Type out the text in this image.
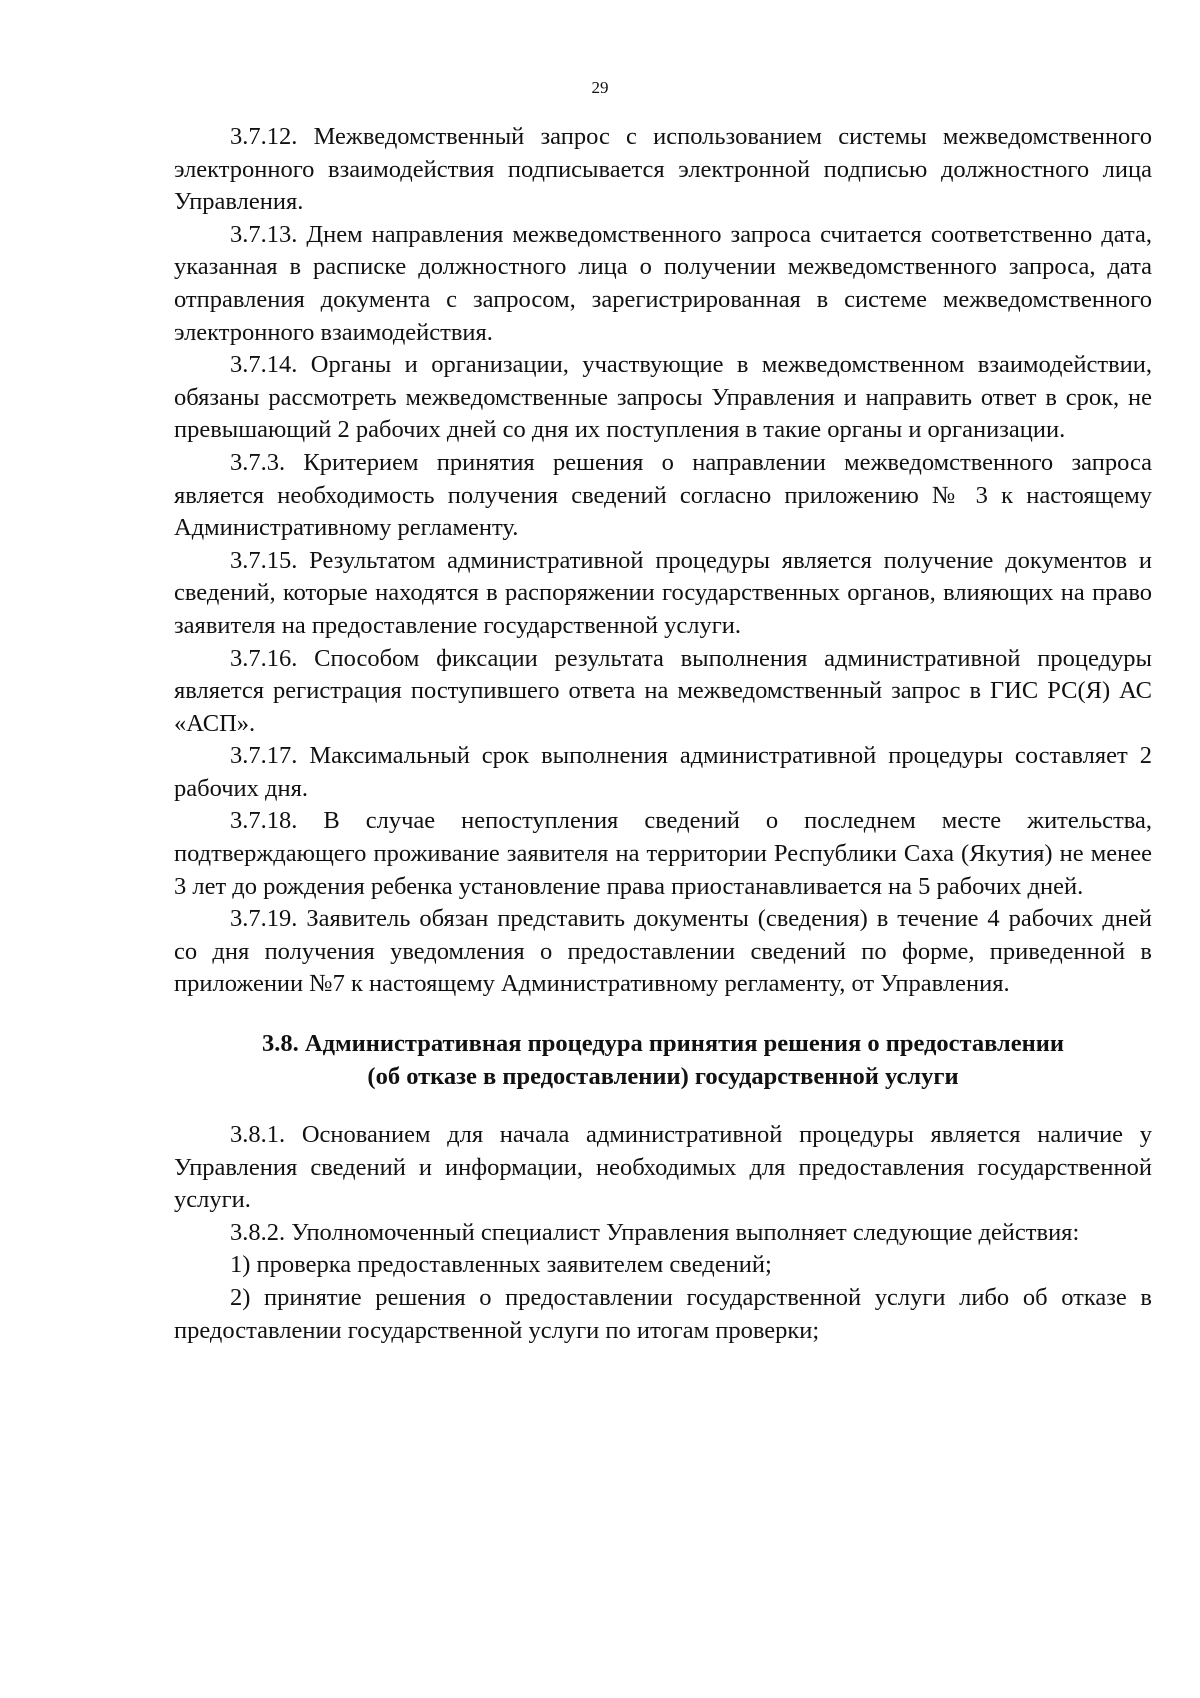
29

3.7.12. Межведомственный запрос с использованием системы межведомственного электронного взаимодействия подписывается электронной подписью должностного лица Управления.

3.7.13. Днем направления межведомственного запроса считается соответственно дата, указанная в расписке должностного лица о получении межведомственного запроса, дата отправления документа с запросом, зарегистрированная в системе межведомственного электронного взаимодействия.

3.7.14. Органы и организации, участвующие в межведомственном взаимодействии, обязаны рассмотреть межведомственные запросы Управления и направить ответ в срок, не превышающий 2 рабочих дней со дня их поступления в такие органы и организации.

3.7.3. Критерием принятия решения о направлении межведомственного запроса является необходимость получения сведений согласно приложению № 3 к настоящему Административному регламенту.

3.7.15. Результатом административной процедуры является получение документов и сведений, которые находятся в распоряжении государственных органов, влияющих на право заявителя на предоставление государственной услуги.

3.7.16. Способом фиксации результата выполнения административной процедуры является регистрация поступившего ответа на межведомственный запрос в ГИС РС(Я) АС «АСП».

3.7.17. Максимальный срок выполнения административной процедуры составляет 2 рабочих дня.

3.7.18. В случае непоступления сведений о последнем месте жительства, подтверждающего проживание заявителя на территории Республики Саха (Якутия) не менее 3 лет до рождения ребенка установление права приостанавливается на 5 рабочих дней.

3.7.19. Заявитель обязан представить документы (сведения) в течение 4 рабочих дней со дня получения уведомления о предоставлении сведений по форме, приведенной в приложении №7 к настоящему Административному регламенту, от Управления.

3.8. Административная процедура принятия решения о предоставлении
(об отказе в предоставлении) государственной услуги

3.8.1. Основанием для начала административной процедуры является наличие у Управления сведений и информации, необходимых для предоставления государственной услуги.

3.8.2. Уполномоченный специалист Управления выполняет следующие действия:

1) проверка предоставленных заявителем сведений;

2) принятие решения о предоставлении государственной услуги либо об отказе в предоставлении государственной услуги по итогам проверки;
